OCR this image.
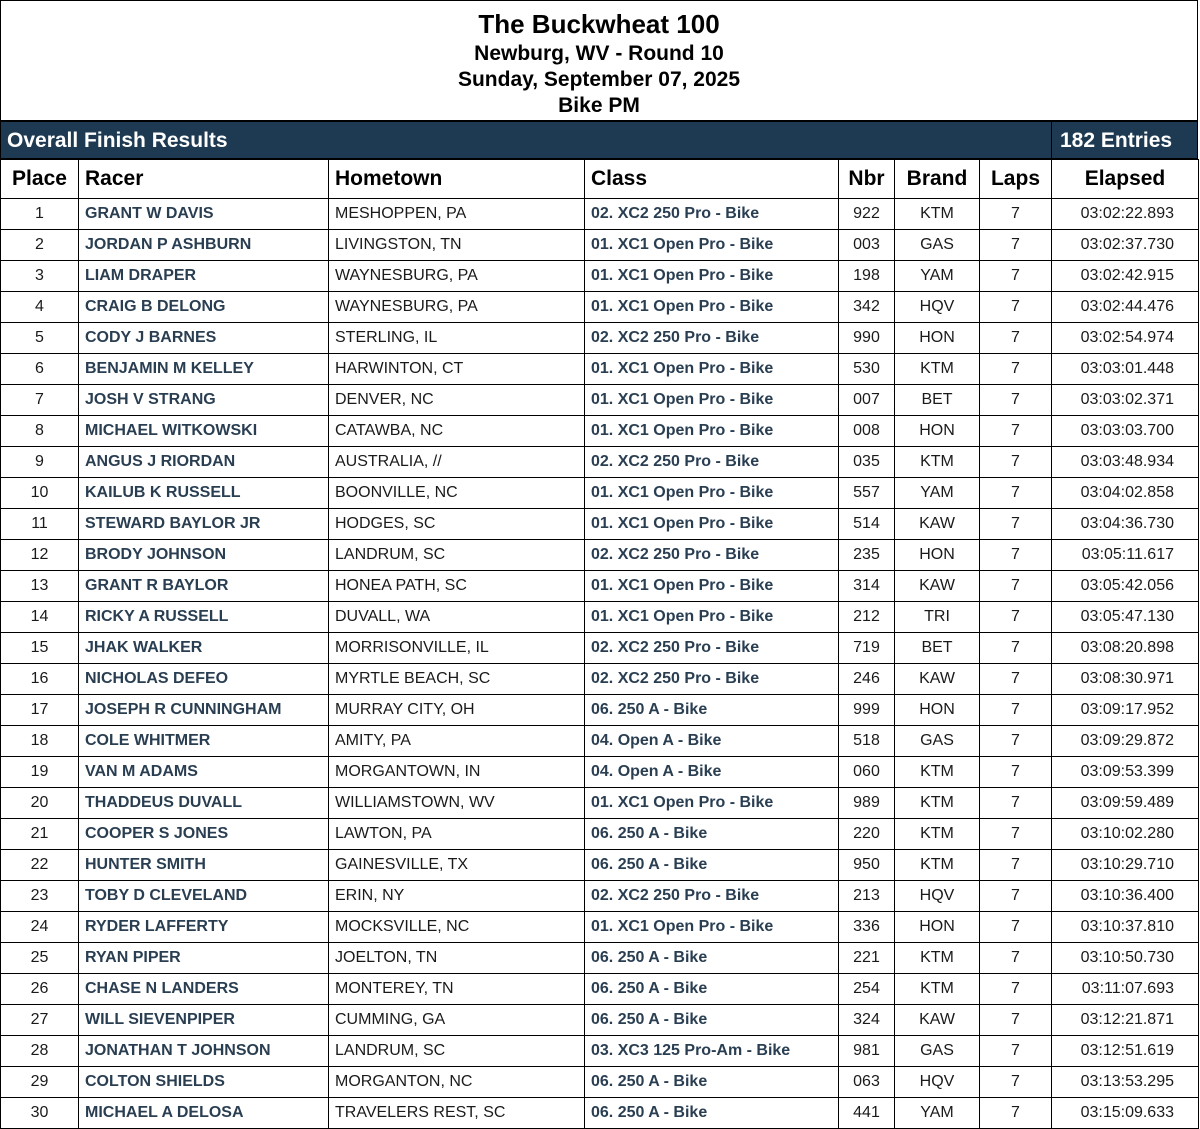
The Buckwheat 100
Newburg, WV - Round 10
Sunday, September 07, 2025
Bike PM
Overall Finish Results	182 Entries
Place	Racer	Hometown	Class	Nbr	Brand	Laps	Elapsed
1	GRANT W DAVIS	MESHOPPEN, PA	02. XC2 250 Pro - Bike	922	KTM	7	03:02:22.893
2	JORDAN P ASHBURN	LIVINGSTON, TN	01. XC1 Open Pro - Bike	003	GAS	7	03:02:37.730
3	LIAM DRAPER	WAYNESBURG, PA	01. XC1 Open Pro - Bike	198	YAM	7	03:02:42.915
4	CRAIG B DELONG	WAYNESBURG, PA	01. XC1 Open Pro - Bike	342	HQV	7	03:02:44.476
5	CODY J BARNES	STERLING, IL	02. XC2 250 Pro - Bike	990	HON	7	03:02:54.974
6	BENJAMIN M KELLEY	HARWINTON, CT	01. XC1 Open Pro - Bike	530	KTM	7	03:03:01.448
7	JOSH V STRANG	DENVER, NC	01. XC1 Open Pro - Bike	007	BET	7	03:03:02.371
8	MICHAEL WITKOWSKI	CATAWBA, NC	01. XC1 Open Pro - Bike	008	HON	7	03:03:03.700
9	ANGUS J RIORDAN	AUSTRALIA, //	02. XC2 250 Pro - Bike	035	KTM	7	03:03:48.934
10	KAILUB K RUSSELL	BOONVILLE, NC	01. XC1 Open Pro - Bike	557	YAM	7	03:04:02.858
11	STEWARD BAYLOR JR	HODGES, SC	01. XC1 Open Pro - Bike	514	KAW	7	03:04:36.730
12	BRODY JOHNSON	LANDRUM, SC	02. XC2 250 Pro - Bike	235	HON	7	03:05:11.617
13	GRANT R BAYLOR	HONEA PATH, SC	01. XC1 Open Pro - Bike	314	KAW	7	03:05:42.056
14	RICKY A RUSSELL	DUVALL, WA	01. XC1 Open Pro - Bike	212	TRI	7	03:05:47.130
15	JHAK WALKER	MORRISONVILLE, IL	02. XC2 250 Pro - Bike	719	BET	7	03:08:20.898
16	NICHOLAS DEFEO	MYRTLE BEACH, SC	02. XC2 250 Pro - Bike	246	KAW	7	03:08:30.971
17	JOSEPH R CUNNINGHAM	MURRAY CITY, OH	06. 250 A - Bike	999	HON	7	03:09:17.952
18	COLE WHITMER	AMITY, PA	04. Open A - Bike	518	GAS	7	03:09:29.872
19	VAN M ADAMS	MORGANTOWN, IN	04. Open A - Bike	060	KTM	7	03:09:53.399
20	THADDEUS DUVALL	WILLIAMSTOWN, WV	01. XC1 Open Pro - Bike	989	KTM	7	03:09:59.489
21	COOPER S JONES	LAWTON, PA	06. 250 A - Bike	220	KTM	7	03:10:02.280
22	HUNTER SMITH	GAINESVILLE, TX	06. 250 A - Bike	950	KTM	7	03:10:29.710
23	TOBY D CLEVELAND	ERIN, NY	02. XC2 250 Pro - Bike	213	HQV	7	03:10:36.400
24	RYDER LAFFERTY	MOCKSVILLE, NC	01. XC1 Open Pro - Bike	336	HON	7	03:10:37.810
25	RYAN PIPER	JOELTON, TN	06. 250 A - Bike	221	KTM	7	03:10:50.730
26	CHASE N LANDERS	MONTEREY, TN	06. 250 A - Bike	254	KTM	7	03:11:07.693
27	WILL SIEVENPIPER	CUMMING, GA	06. 250 A - Bike	324	KAW	7	03:12:21.871
28	JONATHAN T JOHNSON	LANDRUM, SC	03. XC3 125 Pro-Am - Bike	981	GAS	7	03:12:51.619
29	COLTON SHIELDS	MORGANTON, NC	06. 250 A - Bike	063	HQV	7	03:13:53.295
30	MICHAEL A DELOSA	TRAVELERS REST, SC	06. 250 A - Bike	441	YAM	7	03:15:09.633
